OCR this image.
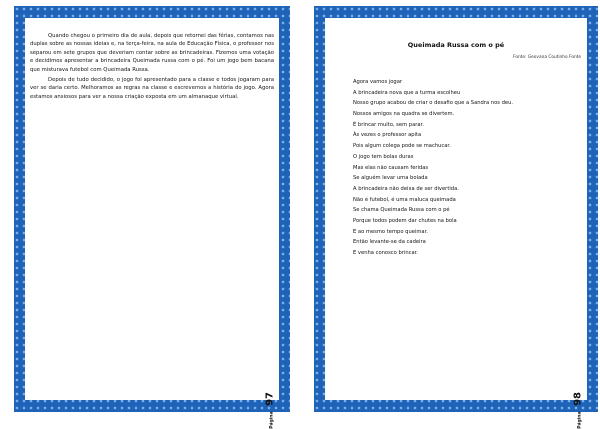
Quando chegou o primeiro dia de aula, depois que retornei das férias, contamos nas duplas sobre as nossas ideias e, na terça-feira, na aula de Educação Física, o professor nos separou em sete grupos que deveriam contar sobre as brincadeiras. Fizemos uma votação e decidimos apresentar a brincadeira Queimada russa com o pé. Foi um jogo bem bacana que misturava futebol com Queimada Russa.

Depois de tudo decidido, o jogo foi apresentado para a classe e todos jogaram para ver se daria certo. Melhoramos as regras na classe e escrevemos a história do jogo. Agora estamos ansiosos para ver a nossa criação exposta em um almanaque virtual.

Página 97
Queimada Russa com o pé
Fonte: Geovana Coutinho Fonte
Agora vamos jogar
A brincadeira nova que a turma escolheu
Nosso grupo acabou de criar o desafio que a Sandra nos deu.
Nossos amigos na quadra se divertem.
É brincar muito, sem parar.
Às vezes o professor apita
Pois algum colega pode se machucar.
O jogo tem bolas duras
Mas elas não causam feridas
Se alguém levar uma bolada
A brincadeira não deixa de ser divertida.
Não é futebol, é uma maluca queimada
Se chama Queimada Russa com o pé
Porque todos podem dar chutes na bola
E ao mesmo tempo queimar.
Então levante-se da cadeira
E venha conosco brincar.
Página 98
